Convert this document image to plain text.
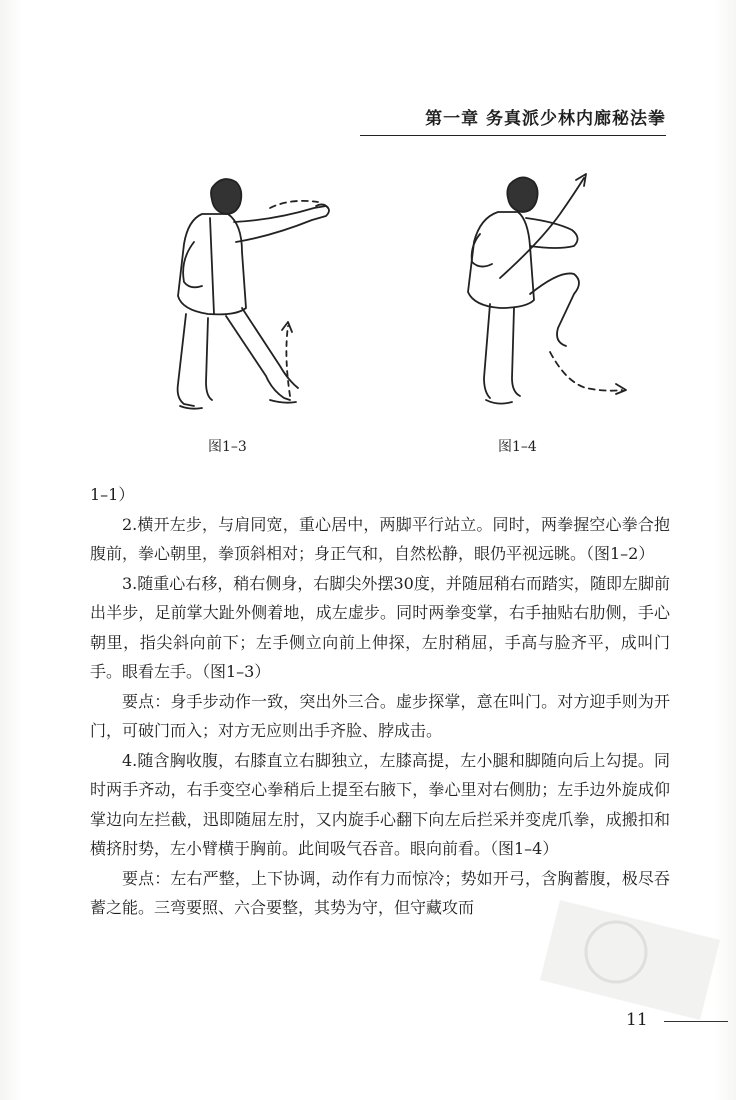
第一章 务真派少林内廊秘法拳
图1–3	图1–4

1–1）

2.横开左步，与肩同宽，重心居中，两脚平行站立。同时，两拳握空心拳合抱腹前，拳心朝里，拳顶斜相对；身正气和，自然松静，眼仍平视远眺。（图1–2）

3.随重心右移，稍右侧身，右脚尖外摆30度，并随屈稍右而踏实，随即左脚前出半步，足前掌大趾外侧着地，成左虚步。同时两拳变掌，右手抽贴右肋侧，手心朝里，指尖斜向前下；左手侧立向前上伸探，左肘稍屈，手高与脸齐平，成叫门手。眼看左手。（图1–3）

要点：身手步动作一致，突出外三合。虚步探掌，意在叫门。对方迎手则为开门，可破门而入；对方无应则出手齐脸、脖成击。

4.随含胸收腹，右膝直立右脚独立，左膝高提，左小腿和脚随向后上勾提。同时两手齐动，右手变空心拳稍后上提至右腋下，拳心里对右侧肋；左手边外旋成仰掌边向左拦截，迅即随屈左肘，又内旋手心翻下向左后拦采并变虎爪拳，成搬扣和横挤肘势，左小臂横于胸前。此间吸气吞音。眼向前看。（图1–4）

要点：左右严整，上下协调，动作有力而惊冷；势如开弓，含胸蓄腹，极尽吞蓄之能。三弯要照、六合要整，其势为守，但守藏攻而

11
